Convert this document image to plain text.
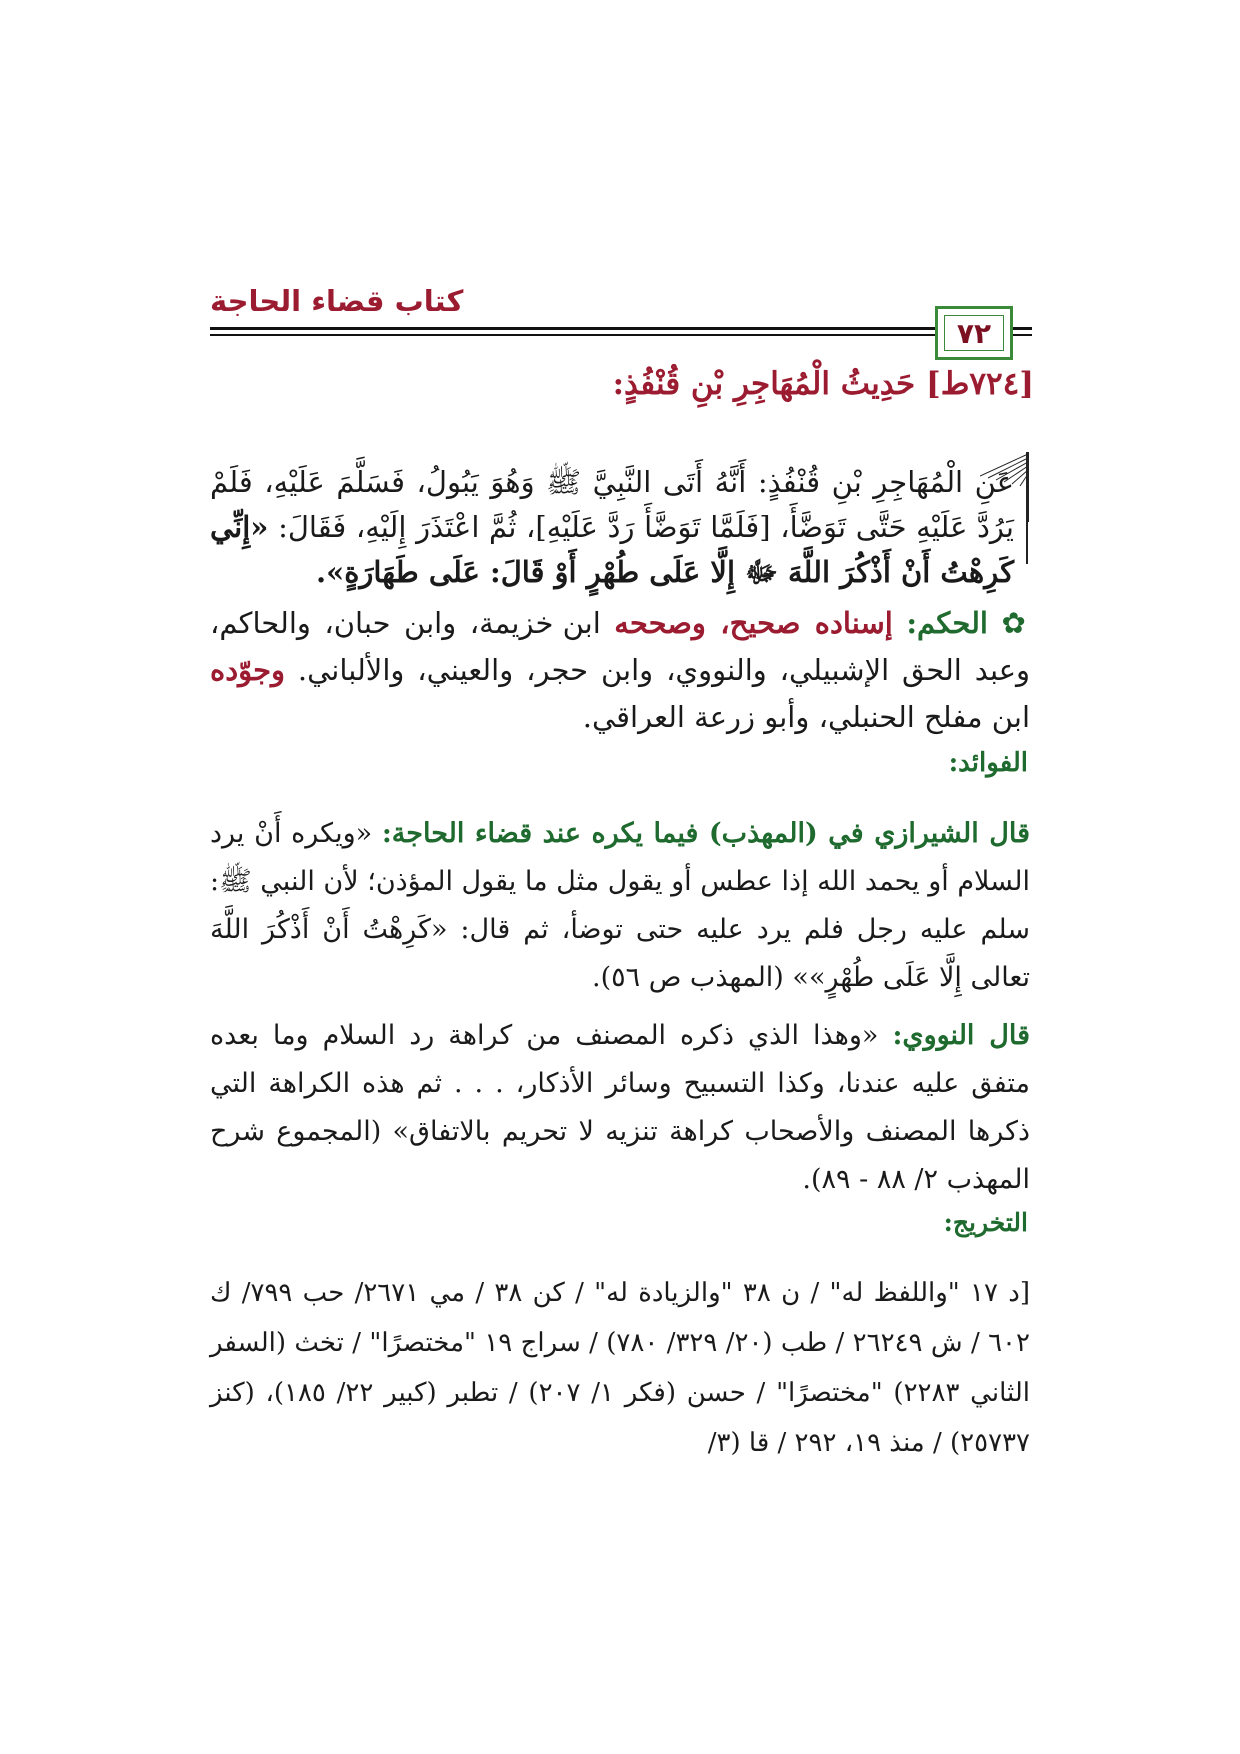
كتاب قضاء الحاجة
٧٢
[٧٢٤ط] حَدِيثُ الْمُهَاجِرِ بْنِ قُنْفُذٍ:
عَنِ الْمُهَاجِرِ بْنِ قُنْفُذٍ: أَنَّهُ أَتَى النَّبِيَّ ﷺ وَهُوَ يَبُولُ، فَسَلَّمَ عَلَيْهِ، فَلَمْ يَرُدَّ عَلَيْهِ حَتَّى تَوَضَّأَ، [فَلَمَّا تَوَضَّأَ رَدَّ عَلَيْهِ]، ثُمَّ اعْتَذَرَ إِلَيْهِ، فَقَالَ: «إِنِّي كَرِهْتُ أَنْ أَذْكُرَ اللَّهَ ﷻ إِلَّا عَلَى طُهْرٍ أَوْ قَالَ: عَلَى طَهَارَةٍ».
✿ الحكم: إسناده صحيح، وصححه ابن خزيمة، وابن حبان، والحاكم، وعبد الحق الإشبيلي، والنووي، وابن حجر، والعيني، والألباني. وجوّده ابن مفلح الحنبلي، وأبو زرعة العراقي.
الفوائد:
قال الشيرازي في (المهذب) فيما يكره عند قضاء الحاجة: «ويكره أَنْ يرد السلام أو يحمد الله إذا عطس أو يقول مثل ما يقول المؤذن؛ لأن النبي ﷺ: سلم عليه رجل فلم يرد عليه حتى توضأ، ثم قال: «كَرِهْتُ أَنْ أَذْكُرَ اللَّهَ تعالى إِلَّا عَلَى طُهْرٍ»» (المهذب ص ٥٦).
قال النووي: «وهذا الذي ذكره المصنف من كراهة رد السلام وما بعده متفق عليه عندنا، وكذا التسبيح وسائر الأذكار، . . . ثم هذه الكراهة التي ذكرها المصنف والأصحاب كراهة تنزيه لا تحريم بالاتفاق» (المجموع شرح المهذب ٢/ ٨٨ - ٨٩).
التخريج:
[د ١٧ "واللفظ له" / ن ٣٨ "والزيادة له" / كن ٣٨ / مي ٢٦٧١/ حب ٧٩٩/ ك ٦٠٢ / ش ٢٦٢٤٩ / طب (٢٠/ ٣٢٩/ ٧٨٠) / سراج ١٩ "مختصرًا" / تخث (السفر الثاني ٢٢٨٣) "مختصرًا" / حسن (فكر ١/ ٢٠٧) / تطبر (كبير ٢٢/ ١٨٥)، (كنز ٢٥٧٣٧) / منذ ١٩، ٢٩٢ / قا (٣/
